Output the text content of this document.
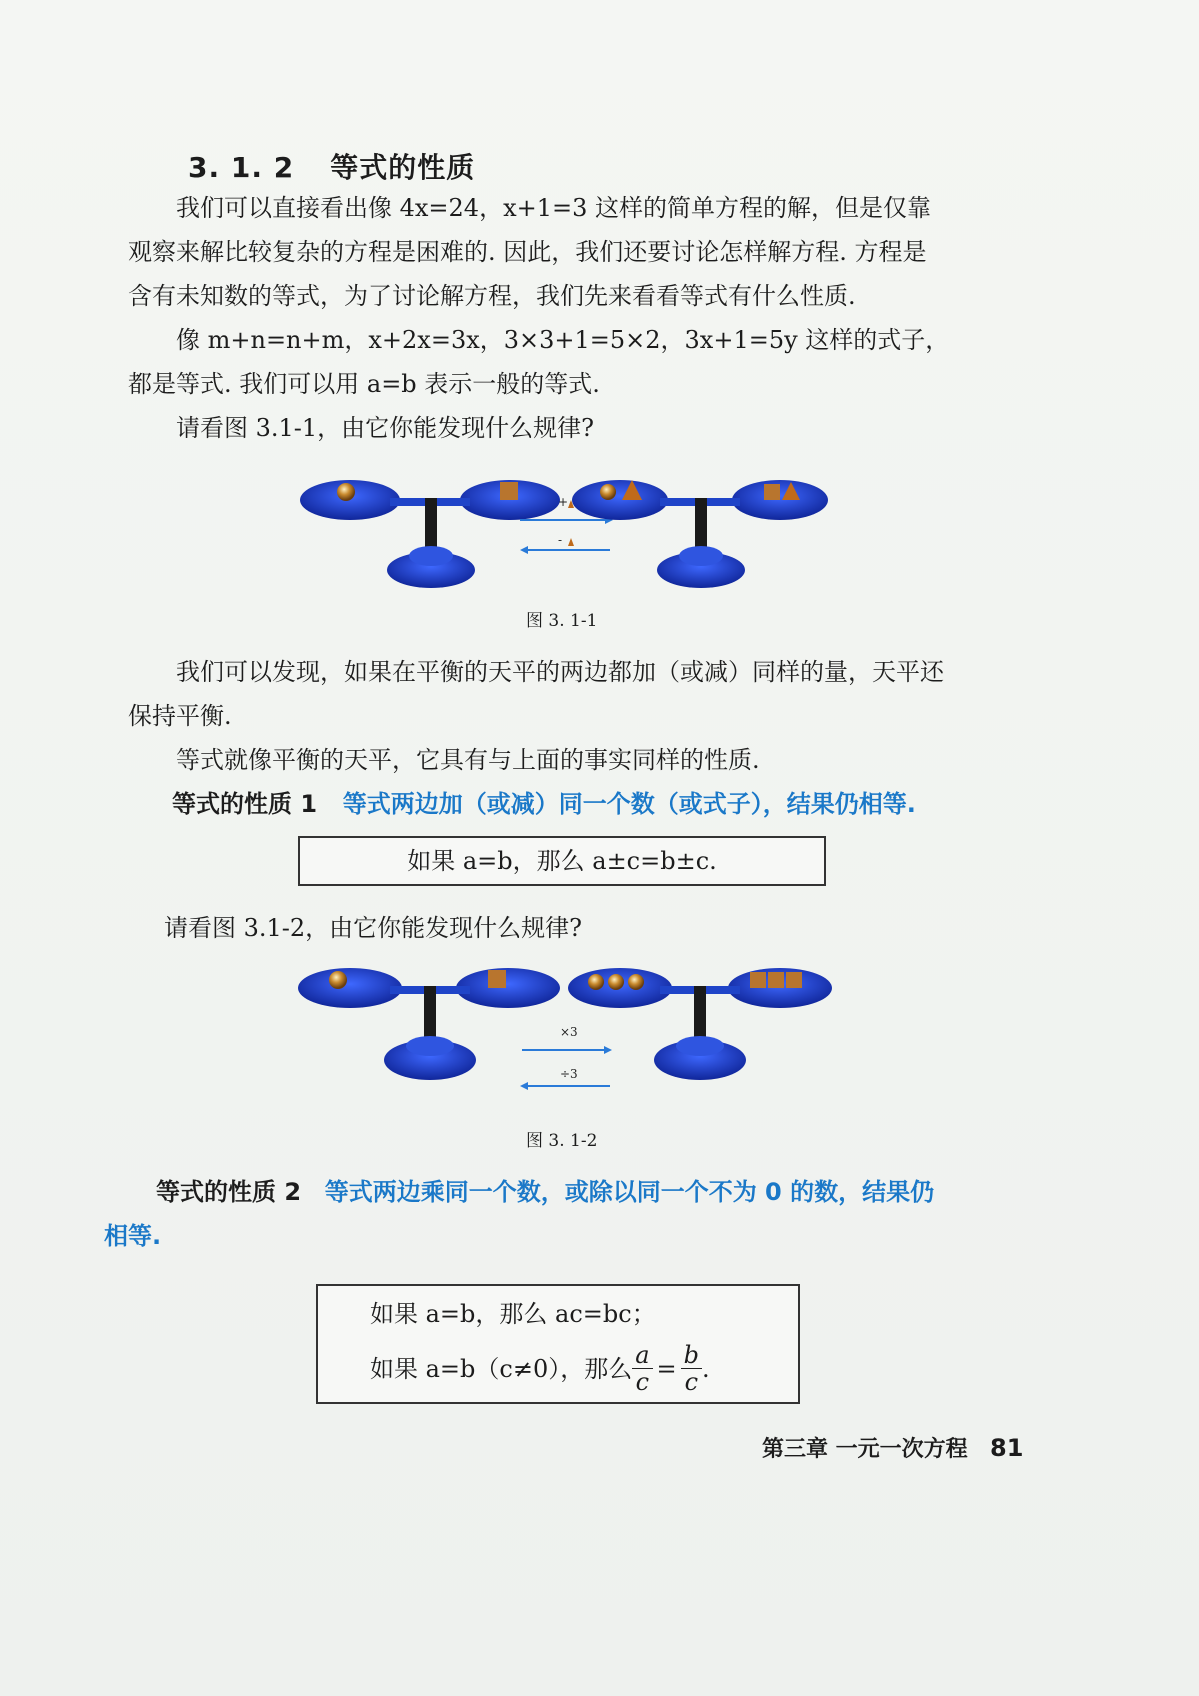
3. 1. 2 等式的性质
我们可以直接看出像 4x=24，x+1=3 这样的简单方程的解，但是仅靠
观察来解比较复杂的方程是困难的. 因此，我们还要讨论怎样解方程. 方程是
含有未知数的等式，为了讨论解方程，我们先来看看等式有什么性质.
像 m+n=n+m，x+2x=3x，3×3+1=5×2，3x+1=5y 这样的式子，
都是等式. 我们可以用 a=b 表示一般的等式.
请看图 3.1-1，由它你能发现什么规律?
+
-
图 3. 1-1
我们可以发现，如果在平衡的天平的两边都加（或减）同样的量，天平还
保持平衡.
等式就像平衡的天平，它具有与上面的事实同样的性质.
等式的性质 1 等式两边加（或减）同一个数（或式子），结果仍相等.
如果 a=b，那么 a±c=b±c.
请看图 3.1-2，由它你能发现什么规律?
×3
÷3
图 3. 1-2
等式的性质 2 等式两边乘同一个数，或除以同一个不为 0 的数，结果仍
相等.
如果 a=b，那么 ac=bc；
如果 a=b（c≠0），那么 $\frac{a}{c} = \frac{b}{c}$ .
第三章 一元一次方程 81
